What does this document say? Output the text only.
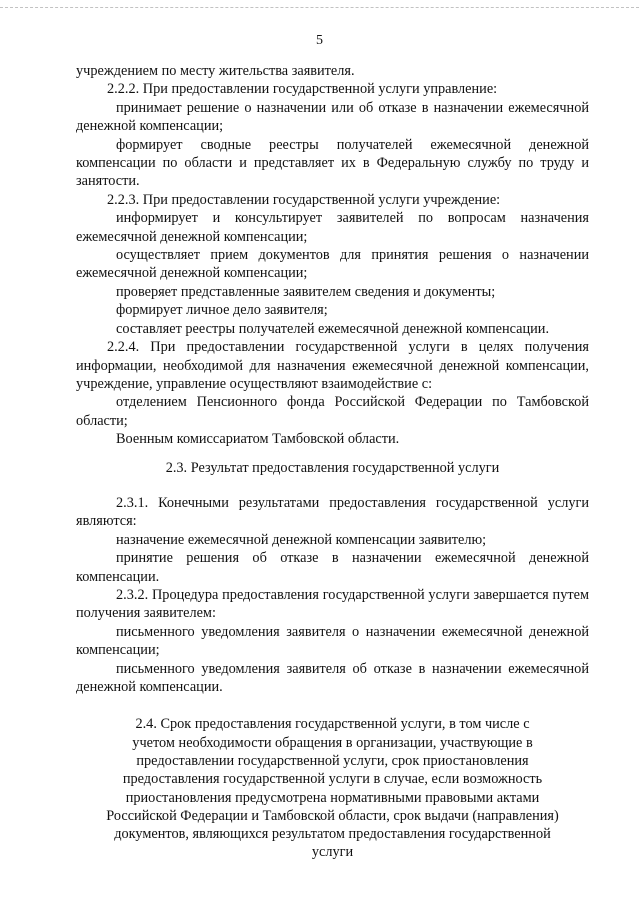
5

учреждением по месту жительства заявителя.

2.2.2. При предоставлении государственной услуги управление:

принимает решение о назначении или об отказе в назначении ежемесячной денежной компенсации;

формирует сводные реестры получателей ежемесячной денежной компенсации по области и представляет их в Федеральную службу по труду и занятости.

2.2.3. При предоставлении государственной услуги учреждение:

информирует и консультирует заявителей по вопросам назначения ежемесячной денежной компенсации;

осуществляет прием документов для принятия решения о назначении ежемесячной денежной компенсации;

проверяет представленные заявителем сведения и документы;

формирует личное дело заявителя;

составляет реестры получателей ежемесячной денежной компенсации.

2.2.4. При предоставлении государственной услуги в целях получения информации, необходимой для назначения ежемесячной денежной компенсации, учреждение, управление осуществляют взаимодействие с:

отделением Пенсионного фонда Российской Федерации по Тамбовской области;

Военным комиссариатом Тамбовской области.

2.3. Результат предоставления государственной услуги

2.3.1. Конечными результатами предоставления государственной услуги являются:

назначение ежемесячной денежной компенсации заявителю;

принятие решения об отказе в назначении ежемесячной денежной компенсации.

2.3.2. Процедура предоставления государственной услуги завершается путем получения заявителем:

письменного уведомления заявителя о назначении ежемесячной денежной компенсации;

письменного уведомления заявителя об отказе в назначении ежемесячной денежной компенсации.

2.4. Срок предоставления государственной услуги, в том числе с
учетом необходимости обращения в организации, участвующие в
предоставлении государственной услуги, срок приостановления
предоставления государственной услуги в случае, если возможность
приостановления предусмотрена нормативными правовыми актами
Российской Федерации и Тамбовской области, срок выдачи (направления)
документов, являющихся результатом предоставления государственной
услуги
